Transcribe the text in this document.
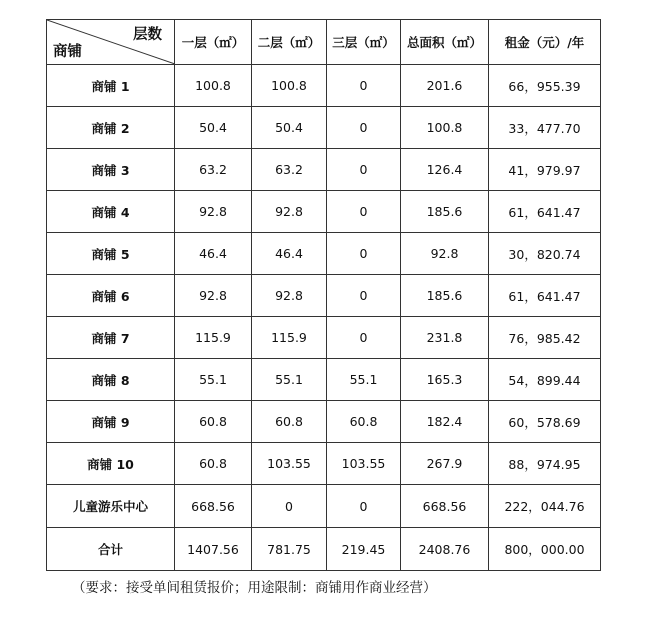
层数
商铺	一层（㎡）	二层（㎡）	三层（㎡）	总面积（㎡）	租金（元）/年
商铺 1	100.8	100.8	0	201.6	66，955.39
商铺 2	50.4	50.4	0	100.8	33，477.70
商铺 3	63.2	63.2	0	126.4	41，979.97
商铺 4	92.8	92.8	0	185.6	61，641.47
商铺 5	46.4	46.4	0	92.8	30，820.74
商铺 6	92.8	92.8	0	185.6	61，641.47
商铺 7	115.9	115.9	0	231.8	76，985.42
商铺 8	55.1	55.1	55.1	165.3	54，899.44
商铺 9	60.8	60.8	60.8	182.4	60，578.69
商铺 10	60.8	103.55	103.55	267.9	88，974.95
儿童游乐中心	668.56	0	0	668.56	222，044.76
合计	1407.56	781.75	219.45	2408.76	800，000.00
（要求：接受单间租赁报价；用途限制：商铺用作商业经营）
